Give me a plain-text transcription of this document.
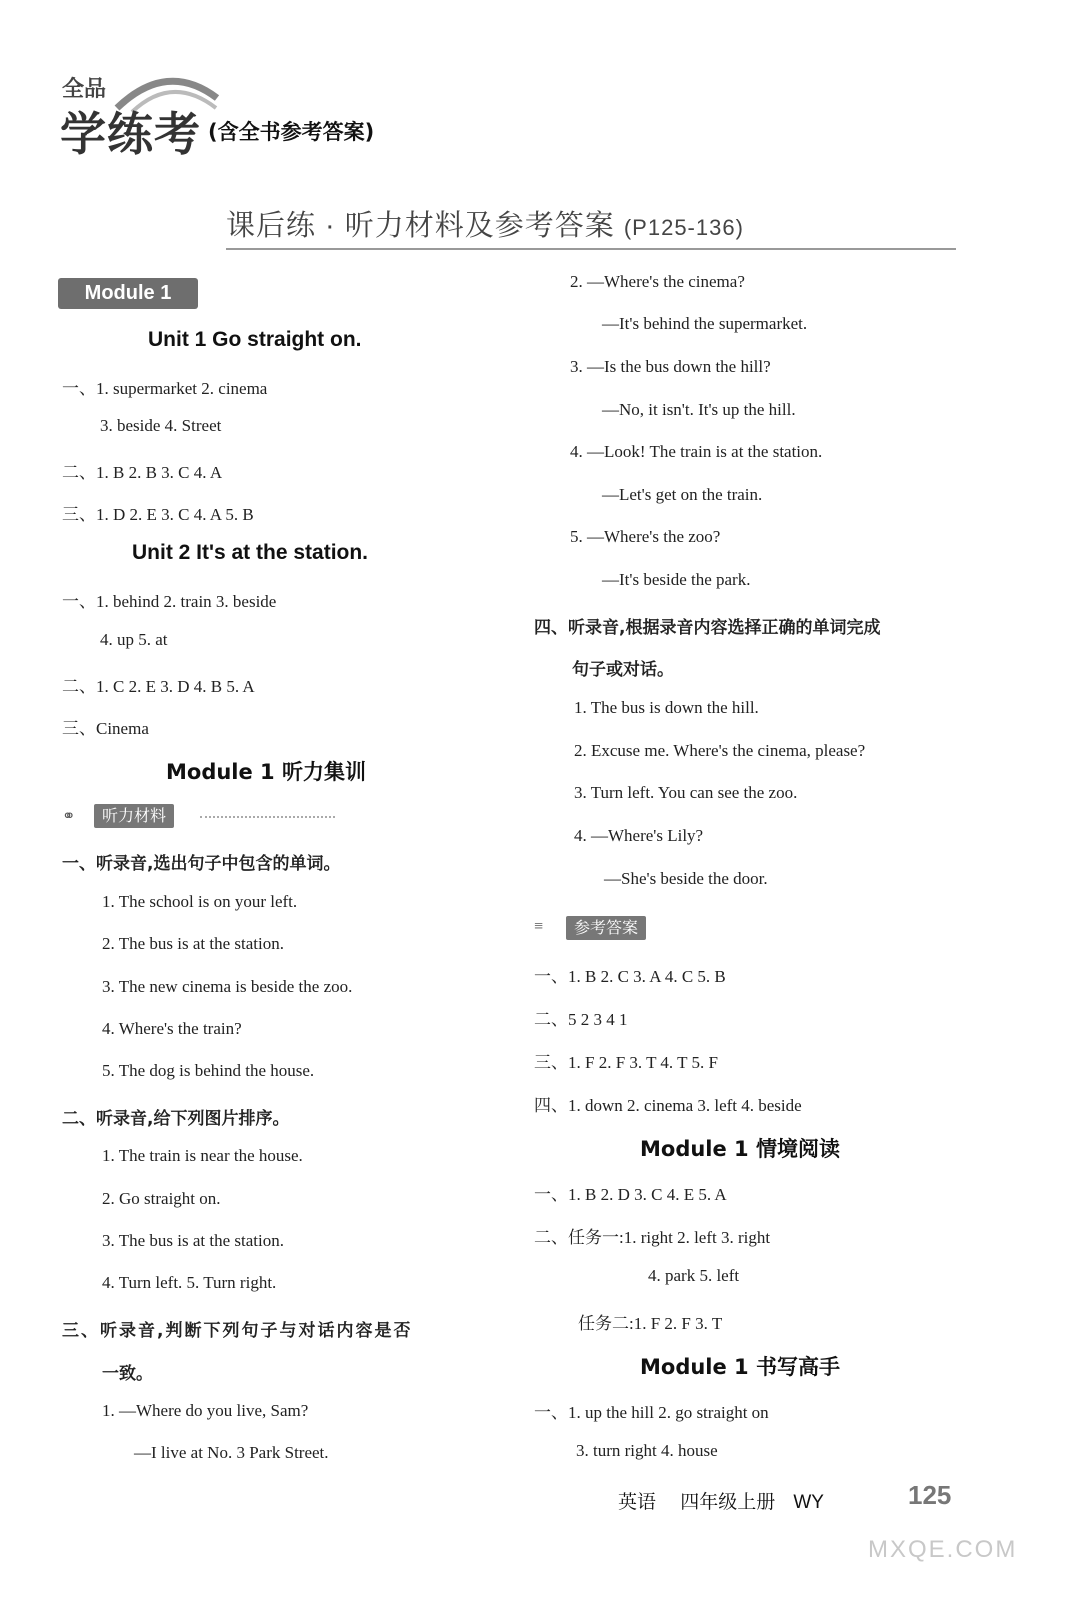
全品
学练考 (含全书参考答案)
课后练 · 听力材料及参考答案 (P125-136)
Module 1
Unit 1 Go straight on.
一、1. supermarket 2. cinema
3. beside 4. Street
二、1. B 2. B 3. C 4. A
三、1. D 2. E 3. C 4. A 5. B
Unit 2 It's at the station.
一、1. behind 2. train 3. beside
4. up 5. at
二、1. C 2. E 3. D 4. B 5. A
三、Cinema
Module 1 听力集训
⚭	听力材料
一、听录音,选出句子中包含的单词。
1. The school is on your left.
2. The bus is at the station.
3. The new cinema is beside the zoo.
4. Where's the train?
5. The dog is behind the house.
二、听录音,给下列图片排序。
1. The train is near the house.
2. Go straight on.
3. The bus is at the station.
4. Turn left. 5. Turn right.
三、听录音,判断下列句子与对话内容是否
一致。
1. —Where do you live, Sam?
—I live at No. 3 Park Street.
2. —Where's the cinema?
—It's behind the supermarket.
3. —Is the bus down the hill?
—No, it isn't. It's up the hill.
4. —Look! The train is at the station.
—Let's get on the train.
5. —Where's the zoo?
—It's beside the park.
四、听录音,根据录音内容选择正确的单词完成
句子或对话。
1. The bus is down the hill.
2. Excuse me. Where's the cinema, please?
3. Turn left. You can see the zoo.
4. —Where's Lily?
—She's beside the door.
≡	参考答案
一、1. B 2. C 3. A 4. C 5. B
二、5 2 3 4 1
三、1. F 2. F 3. T 4. T 5. F
四、1. down 2. cinema 3. left 4. beside
Module 1 情境阅读
一、1. B 2. D 3. C 4. E 5. A
二、任务一:1. right 2. left 3. right
4. park 5. left
任务二:1. F 2. F 3. T
Module 1 书写高手
一、1. up the hill 2. go straight on
3. turn right 4. house
英语 四年级上册 WY	125
MXQE.COM
